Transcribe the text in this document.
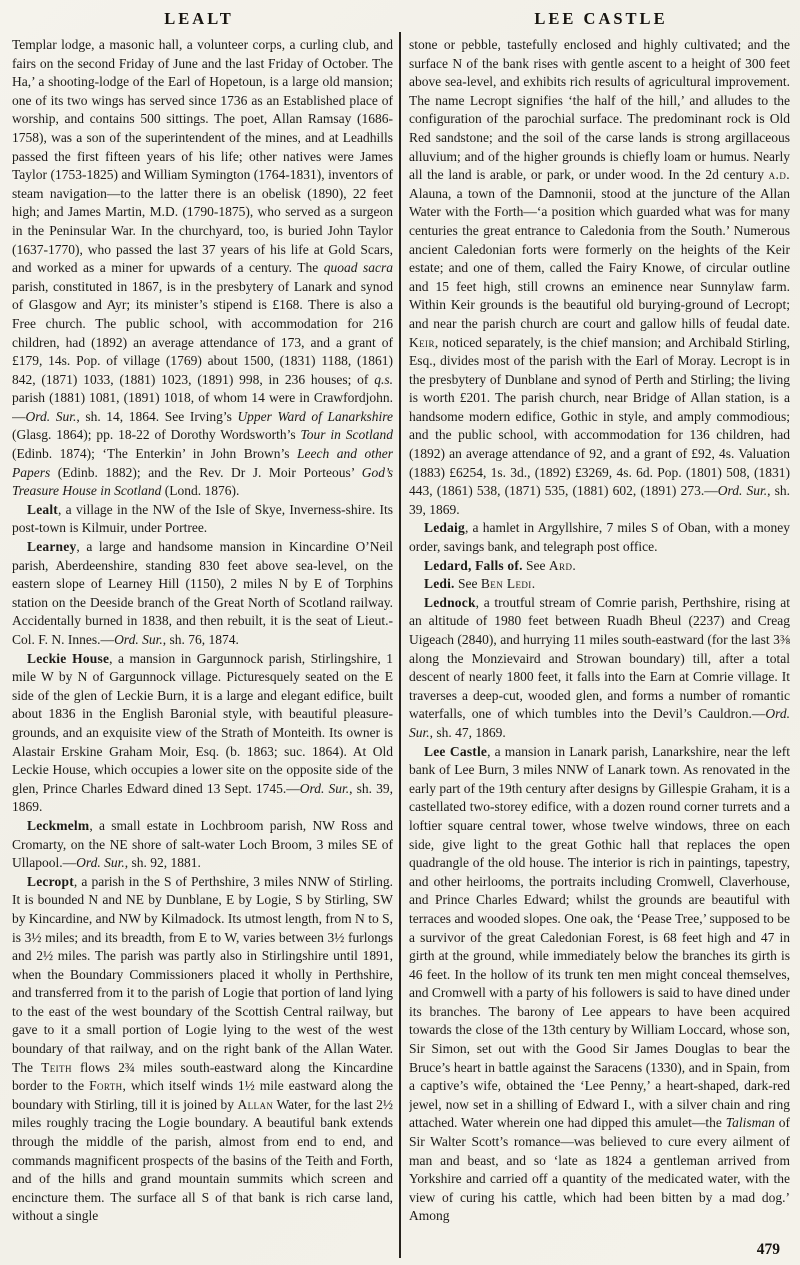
LEALT	LEE CASTLE

Templar lodge, a masonic hall, a volunteer corps, a curling club, and fairs on the second Friday of June and the last Friday of October. The Ha,’ a shooting-lodge of the Earl of Hopetoun, is a large old mansion; one of its two wings has served since 1736 as an Established place of worship, and contains 500 sittings. The poet, Allan Ramsay (1686-1758), was a son of the superintendent of the mines, and at Leadhills passed the first fifteen years of his life; other natives were James Taylor (1753-1825) and William Symington (1764-1831), inventors of steam navigation—to the latter there is an obelisk (1890), 22 feet high; and James Martin, M.D. (1790-1875), who served as a surgeon in the Peninsular War. In the churchyard, too, is buried John Taylor (1637-1770), who passed the last 37 years of his life at Gold Scars, and worked as a miner for upwards of a century. The quoad sacra parish, constituted in 1867, is in the presbytery of Lanark and synod of Glasgow and Ayr; its minister’s stipend is £168. There is also a Free church. The public school, with accommodation for 216 children, had (1892) an average attendance of 173, and a grant of £179, 14s. Pop. of village (1769) about 1500, (1831) 1188, (1861) 842, (1871) 1033, (1881) 1023, (1891) 998, in 236 houses; of q.s. parish (1881) 1081, (1891) 1018, of whom 14 were in Crawfordjohn.—Ord. Sur., sh. 14, 1864. See Irving’s Upper Ward of Lanarkshire (Glasg. 1864); pp. 18-22 of Dorothy Wordsworth’s Tour in Scotland (Edinb. 1874); ‘The Enterkin’ in John Brown’s Leech and other Papers (Edinb. 1882); and the Rev. Dr J. Moir Porteous’ God’s Treasure House in Scotland (Lond. 1876).

Lealt, a village in the NW of the Isle of Skye, Inverness-shire. Its post-town is Kilmuir, under Portree.

Learney, a large and handsome mansion in Kincardine O’Neil parish, Aberdeenshire, standing 830 feet above sea-level, on the eastern slope of Learney Hill (1150), 2 miles N by E of Torphins station on the Deeside branch of the Great North of Scotland railway. Accidentally burned in 1838, and then rebuilt, it is the seat of Lieut.-Col. F. N. Innes.—Ord. Sur., sh. 76, 1874.

Leckie House, a mansion in Gargunnock parish, Stirlingshire, 1 mile W by N of Gargunnock village. Picturesquely seated on the E side of the glen of Leckie Burn, it is a large and elegant edifice, built about 1836 in the English Baronial style, with beautiful pleasure-grounds, and an exquisite view of the Strath of Monteith. Its owner is Alastair Erskine Graham Moir, Esq. (b. 1863; suc. 1864). At Old Leckie House, which occupies a lower site on the opposite side of the glen, Prince Charles Edward dined 13 Sept. 1745.—Ord. Sur., sh. 39, 1869.

Leckmelm, a small estate in Lochbroom parish, NW Ross and Cromarty, on the NE shore of salt-water Loch Broom, 3 miles SE of Ullapool.—Ord. Sur., sh. 92, 1881.

Lecropt, a parish in the S of Perthshire, 3 miles NNW of Stirling. It is bounded N and NE by Dunblane, E by Logie, S by Stirling, SW by Kincardine, and NW by Kilmadock. Its utmost length, from N to S, is 3½ miles; and its breadth, from E to W, varies between 3½ furlongs and 2½ miles. The parish was partly also in Stirlingshire until 1891, when the Boundary Commissioners placed it wholly in Perthshire, and transferred from it to the parish of Logie that portion of land lying to the east of the west boundary of the Scottish Central railway, but gave to it a small portion of Logie lying to the west of the west boundary of that railway, and on the right bank of the Allan Water. The Teith flows 2¾ miles south-eastward along the Kincardine border to the Forth, which itself winds 1½ mile eastward along the boundary with Stirling, till it is joined by Allan Water, for the last 2½ miles roughly tracing the Logie boundary. A beautiful bank extends through the middle of the parish, almost from end to end, and commands magnificent prospects of the basins of the Teith and Forth, and of the hills and grand mountain summits which screen and encincture them. The surface all S of that bank is rich carse land, without a single

stone or pebble, tastefully enclosed and highly cultivated; and the surface N of the bank rises with gentle ascent to a height of 300 feet above sea-level, and exhibits rich results of agricultural improvement. The name Lecropt signifies ‘the half of the hill,’ and alludes to the configuration of the parochial surface. The predominant rock is Old Red sandstone; and the soil of the carse lands is strong argillaceous alluvium; and of the higher grounds is chiefly loam or humus. Nearly all the land is arable, or park, or under wood. In the 2d century a.d. Alauna, a town of the Damnonii, stood at the juncture of the Allan Water with the Forth—‘a position which guarded what was for many centuries the great entrance to Caledonia from the South.’ Numerous ancient Caledonian forts were formerly on the heights of the Keir estate; and one of them, called the Fairy Knowe, of circular outline and 15 feet high, still crowns an eminence near Sunnylaw farm. Within Keir grounds is the beautiful old burying-ground of Lecropt; and near the parish church are court and gallow hills of feudal date. Keir, noticed separately, is the chief mansion; and Archibald Stirling, Esq., divides most of the parish with the Earl of Moray. Lecropt is in the presbytery of Dunblane and synod of Perth and Stirling; the living is worth £201. The parish church, near Bridge of Allan station, is a handsome modern edifice, Gothic in style, and amply commodious; and the public school, with accommodation for 136 children, had (1892) an average attendance of 92, and a grant of £92, 4s. Valuation (1883) £6254, 1s. 3d., (1892) £3269, 4s. 6d. Pop. (1801) 508, (1831) 443, (1861) 538, (1871) 535, (1881) 602, (1891) 273.—Ord. Sur., sh. 39, 1869.

Ledaig, a hamlet in Argyllshire, 7 miles S of Oban, with a money order, savings bank, and telegraph post office.

Ledard, Falls of. See Ard.

Ledi. See Ben Ledi.

Lednock, a troutful stream of Comrie parish, Perthshire, rising at an altitude of 1980 feet between Ruadh Bheul (2237) and Creag Uigeach (2840), and hurrying 11 miles south-eastward (for the last 3⅜ along the Monzievaird and Strowan boundary) till, after a total descent of nearly 1800 feet, it falls into the Earn at Comrie village. It traverses a deep-cut, wooded glen, and forms a number of romantic waterfalls, one of which tumbles into the Devil’s Cauldron.—Ord. Sur., sh. 47, 1869.

Lee Castle, a mansion in Lanark parish, Lanarkshire, near the left bank of Lee Burn, 3 miles NNW of Lanark town. As renovated in the early part of the 19th century after designs by Gillespie Graham, it is a castellated two-storey edifice, with a dozen round corner turrets and a loftier square central tower, whose twelve windows, three on each side, give light to the great Gothic hall that replaces the open quadrangle of the old house. The interior is rich in paintings, tapestry, and other heirlooms, the portraits including Cromwell, Claverhouse, and Prince Charles Edward; whilst the grounds are beautiful with terraces and wooded slopes. One oak, the ‘Pease Tree,’ supposed to be a survivor of the great Caledonian Forest, is 68 feet high and 47 in girth at the ground, while immediately below the branches its girth is 46 feet. In the hollow of its trunk ten men might conceal themselves, and Cromwell with a party of his followers is said to have dined under its branches. The barony of Lee appears to have been acquired towards the close of the 13th century by William Loccard, whose son, Sir Simon, set out with the Good Sir James Douglas to bear the Bruce’s heart in battle against the Saracens (1330), and in Spain, from a captive’s wife, obtained the ‘Lee Penny,’ a heart-shaped, dark-red jewel, now set in a shilling of Edward I., with a silver chain and ring attached. Water wherein one had dipped this amulet—the Talisman of Sir Walter Scott’s romance—was believed to cure every ailment of man and beast, and so ‘late as 1824 a gentleman arrived from Yorkshire and carried off a quantity of the medicated water, with the view of curing his cattle, which had been bitten by a mad dog.’ Among

479
